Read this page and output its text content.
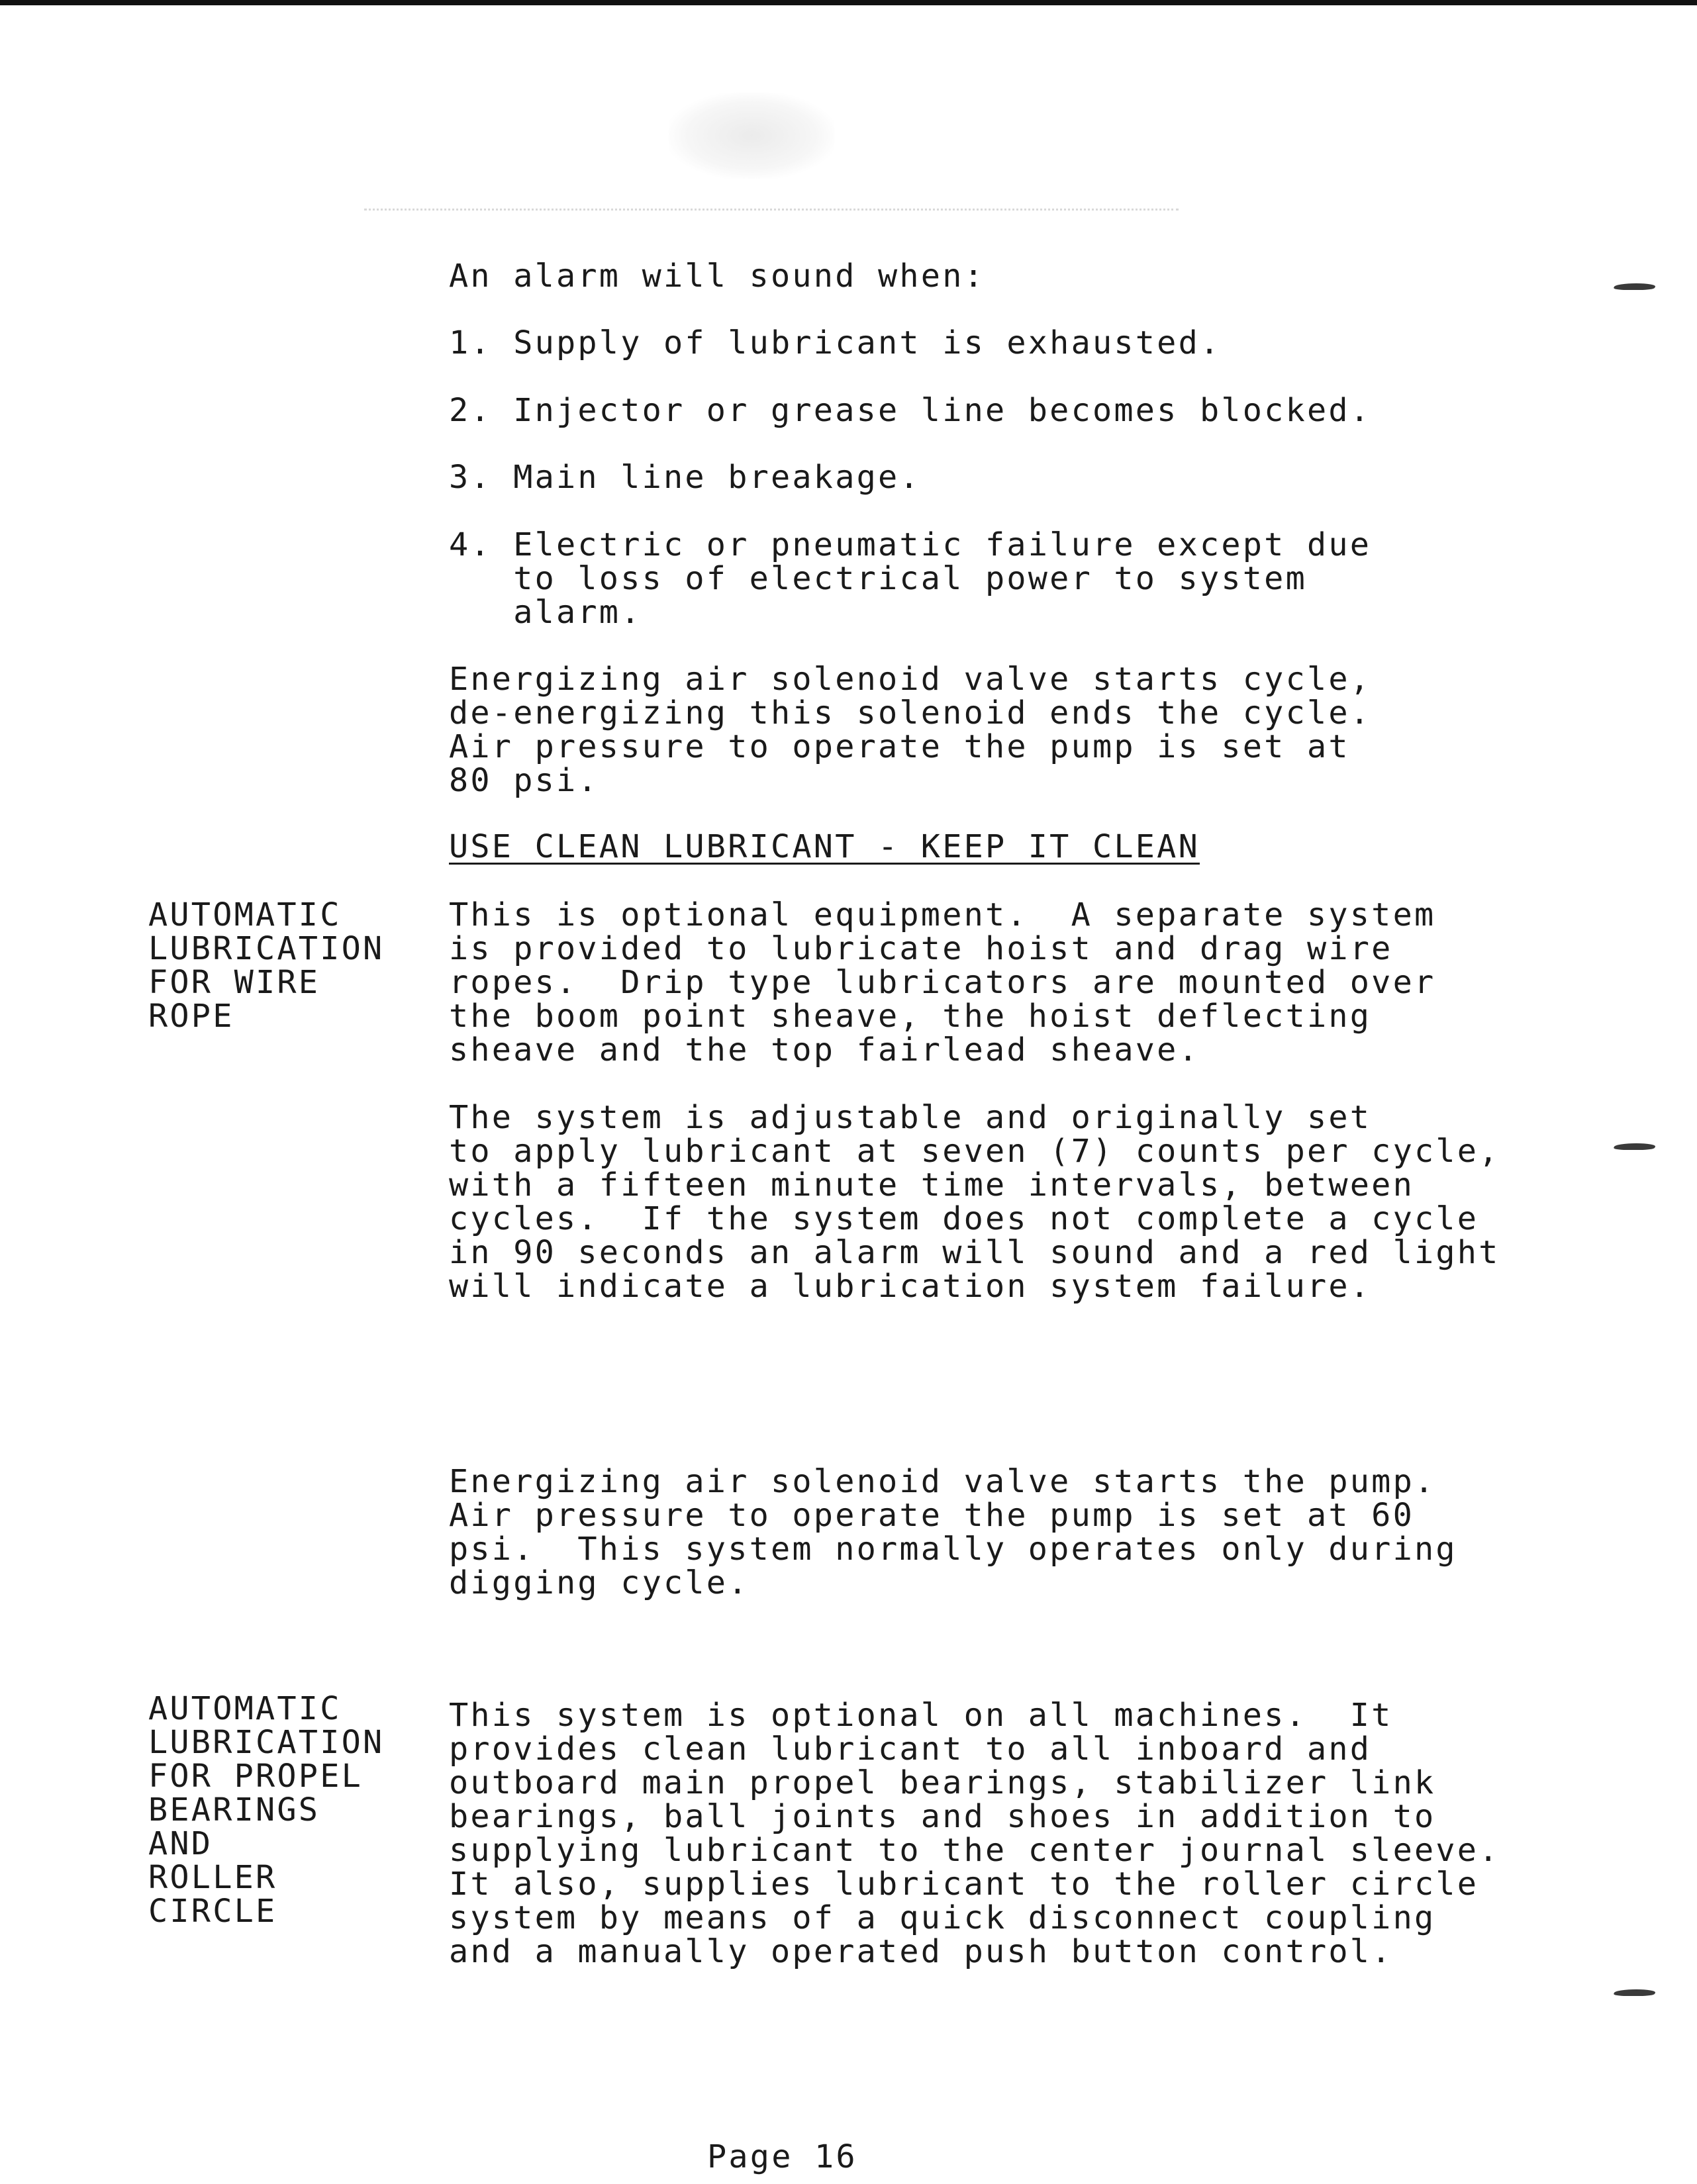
An alarm will sound when:
1. Supply of lubricant is exhausted.
2. Injector or grease line becomes blocked.
3. Main line breakage.
4. Electric or pneumatic failure except due
to loss of electrical power to system
alarm.
Energizing air solenoid valve starts cycle,
de-energizing this solenoid ends the cycle.
Air pressure to operate the pump is set at
80 psi.
USE CLEAN LUBRICANT - KEEP IT CLEAN
AUTOMATIC
LUBRICATION
FOR WIRE
ROPE
This is optional equipment.  A separate system
is provided to lubricate hoist and drag wire
ropes.  Drip type lubricators are mounted over
the boom point sheave, the hoist deflecting
sheave and the top fairlead sheave.
The system is adjustable and originally set
to apply lubricant at seven (7) counts per cycle,
with a fifteen minute time intervals, between
cycles.  If the system does not complete a cycle
in 90 seconds an alarm will sound and a red light
will indicate a lubrication system failure.
Energizing air solenoid valve starts the pump.
Air pressure to operate the pump is set at 60
psi.  This system normally operates only during
digging cycle.
AUTOMATIC
LUBRICATION
FOR PROPEL
BEARINGS
AND
ROLLER
CIRCLE
This system is optional on all machines.  It
provides clean lubricant to all inboard and
outboard main propel bearings, stabilizer link
bearings, ball joints and shoes in addition to
supplying lubricant to the center journal sleeve.
It also, supplies lubricant to the roller circle
system by means of a quick disconnect coupling
and a manually operated push button control.
Page 16
